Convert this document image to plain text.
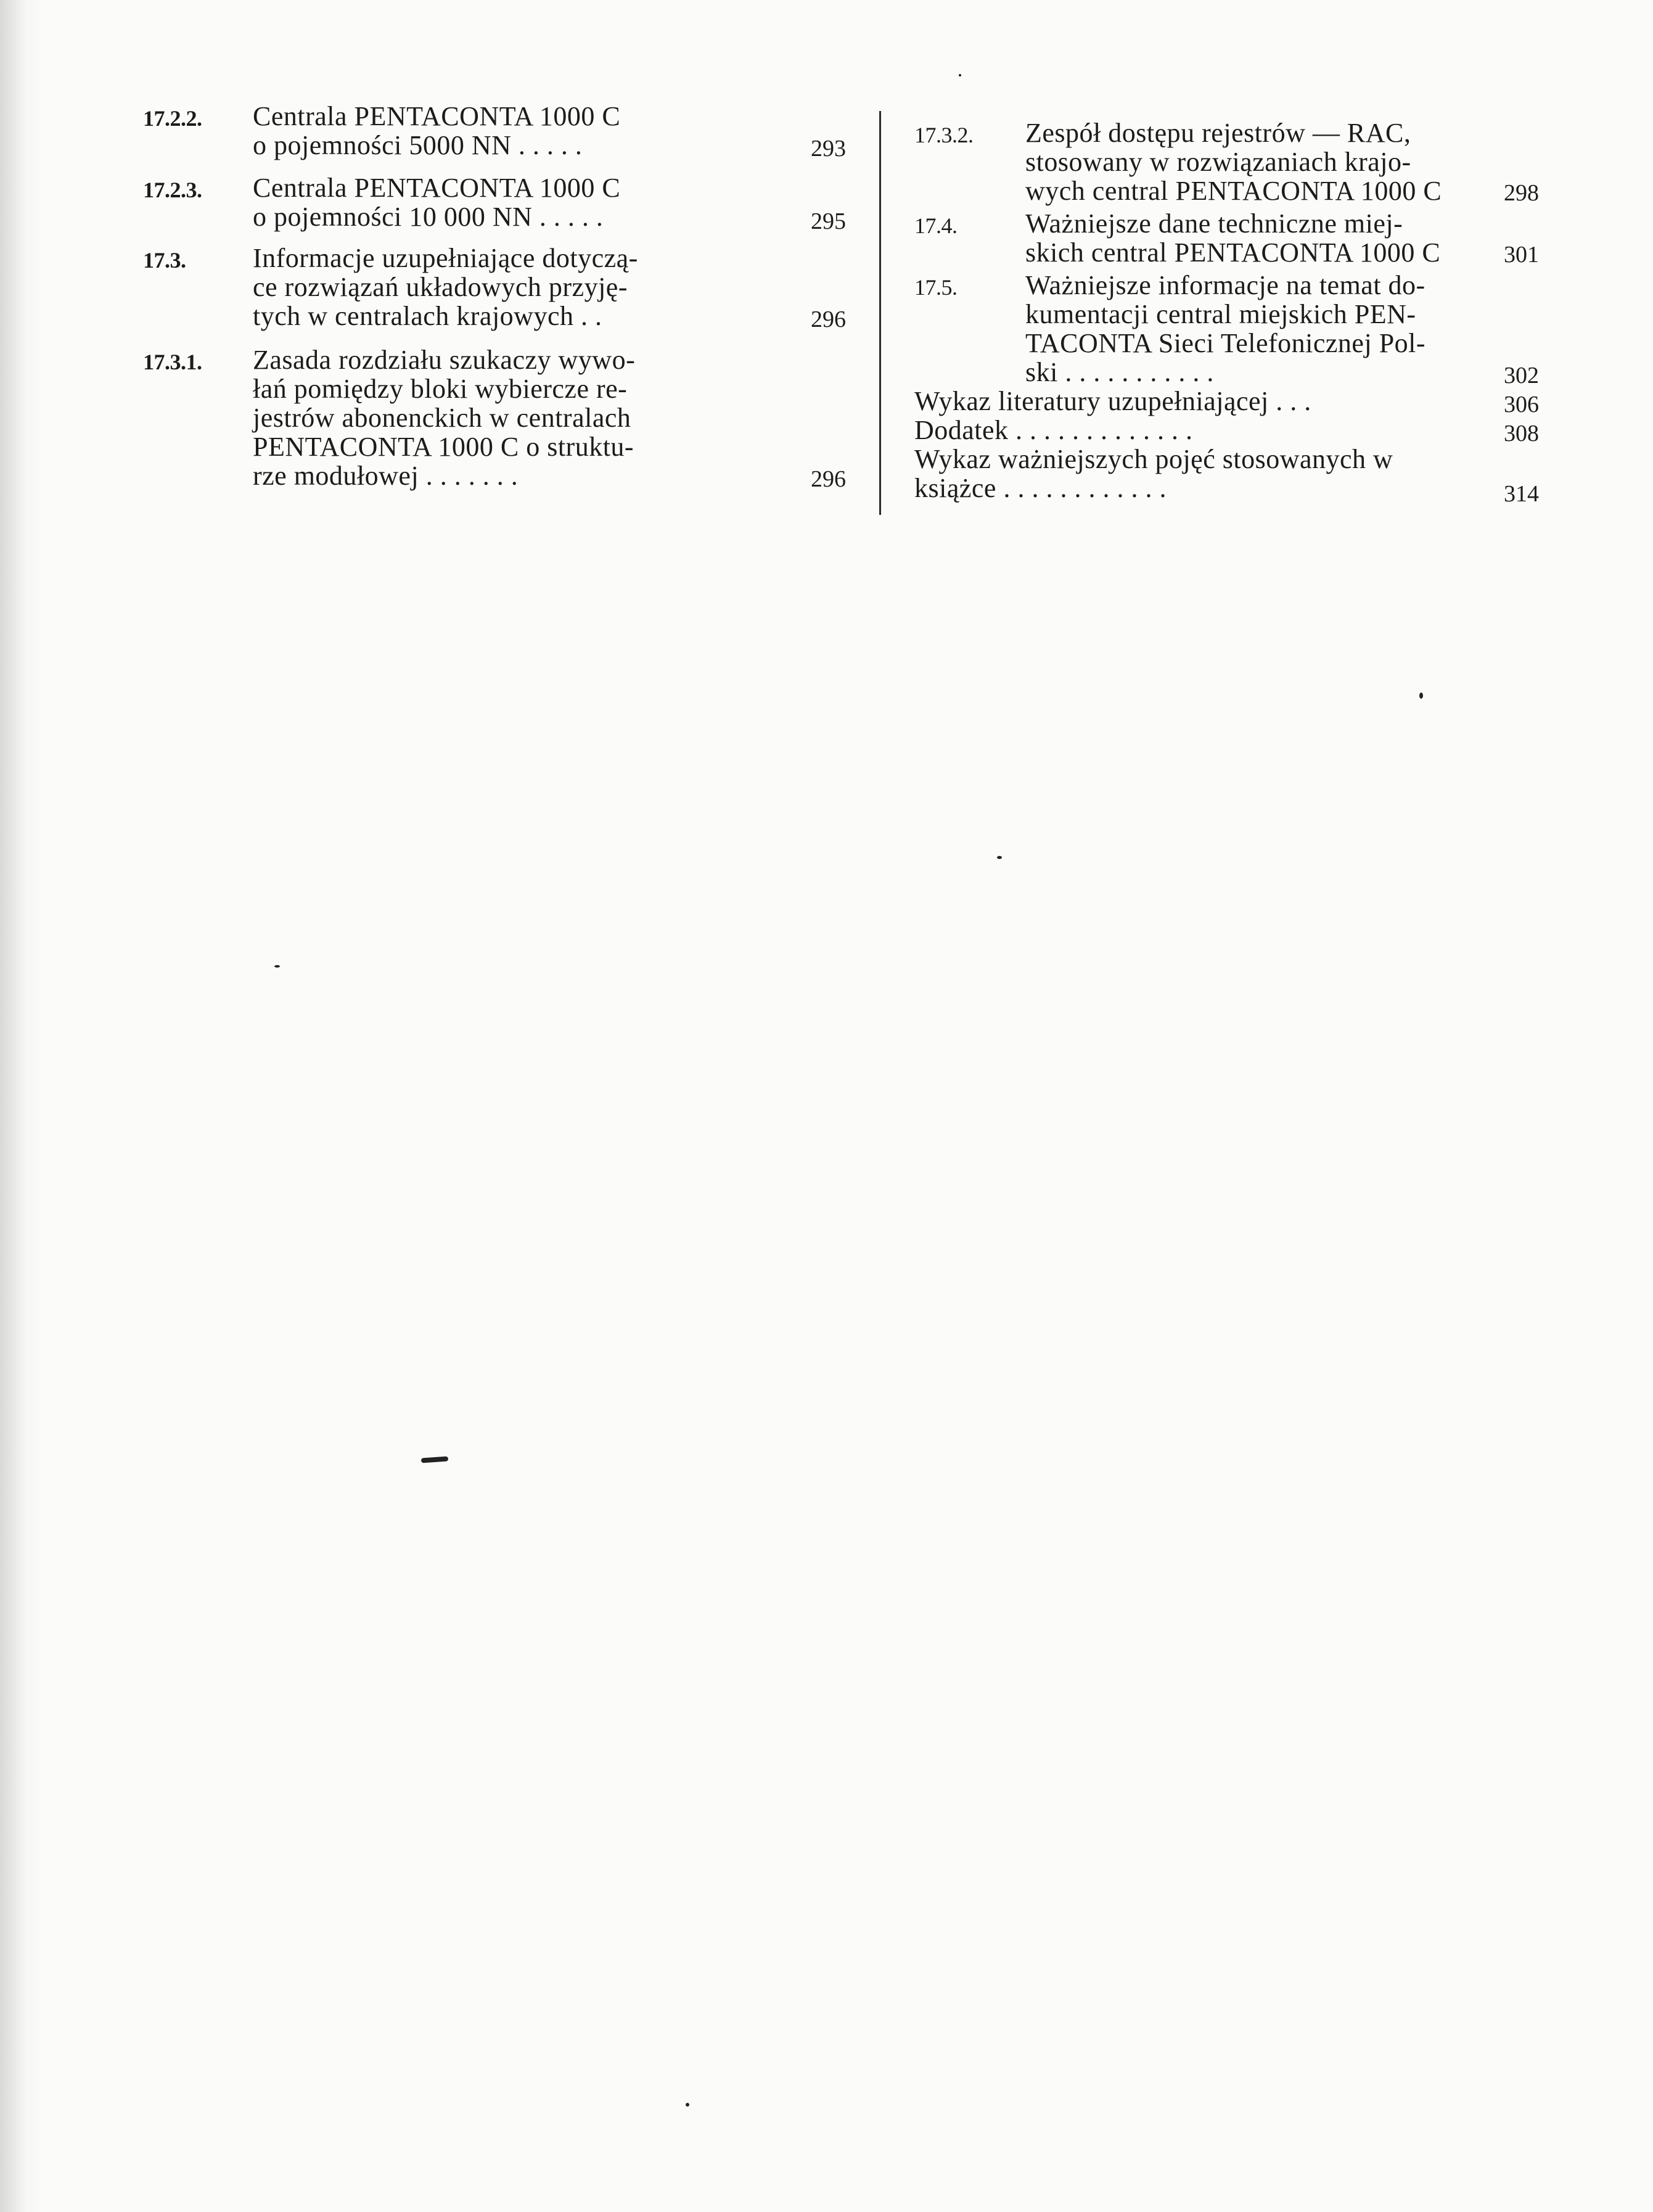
17.2.2. Centrala PENTACONTA 1000 C
o pojemności 5000 NN . . . . .	293
17.2.3. Centrala PENTACONTA 1000 C
o pojemności 10 000 NN . . . . .	295
17.3. Informacje uzupełniające dotyczą-
ce rozwiązań układowych przyję-
tych w centralach krajowych . .	296
17.3.1. Zasada rozdziału szukaczy wywo-
łań pomiędzy bloki wybiercze re-
jestrów abonenckich w centralach
PENTACONTA 1000 C o struktu-
rze modułowej . . . . . . .	296
17.3.2. Zespół dostępu rejestrów — RAC,
stosowany w rozwiązaniach krajo-
wych central PENTACONTA 1000 C	298
17.4.	Ważniejsze dane techniczne miej-
skich central PENTACONTA 1000 C	301
17.5.	Ważniejsze informacje na temat do-
kumentacji central miejskich PEN-
TACONTA Sieci Telefonicznej Pol-
ski . . . . . . . . . . .	302
Wykaz literatury uzupełniającej . . .	306
Dodatek . . . . . . . . . . . . .	308
Wykaz ważniejszych pojęć stosowanych w
książce . . . . . . . . . . . .	314
